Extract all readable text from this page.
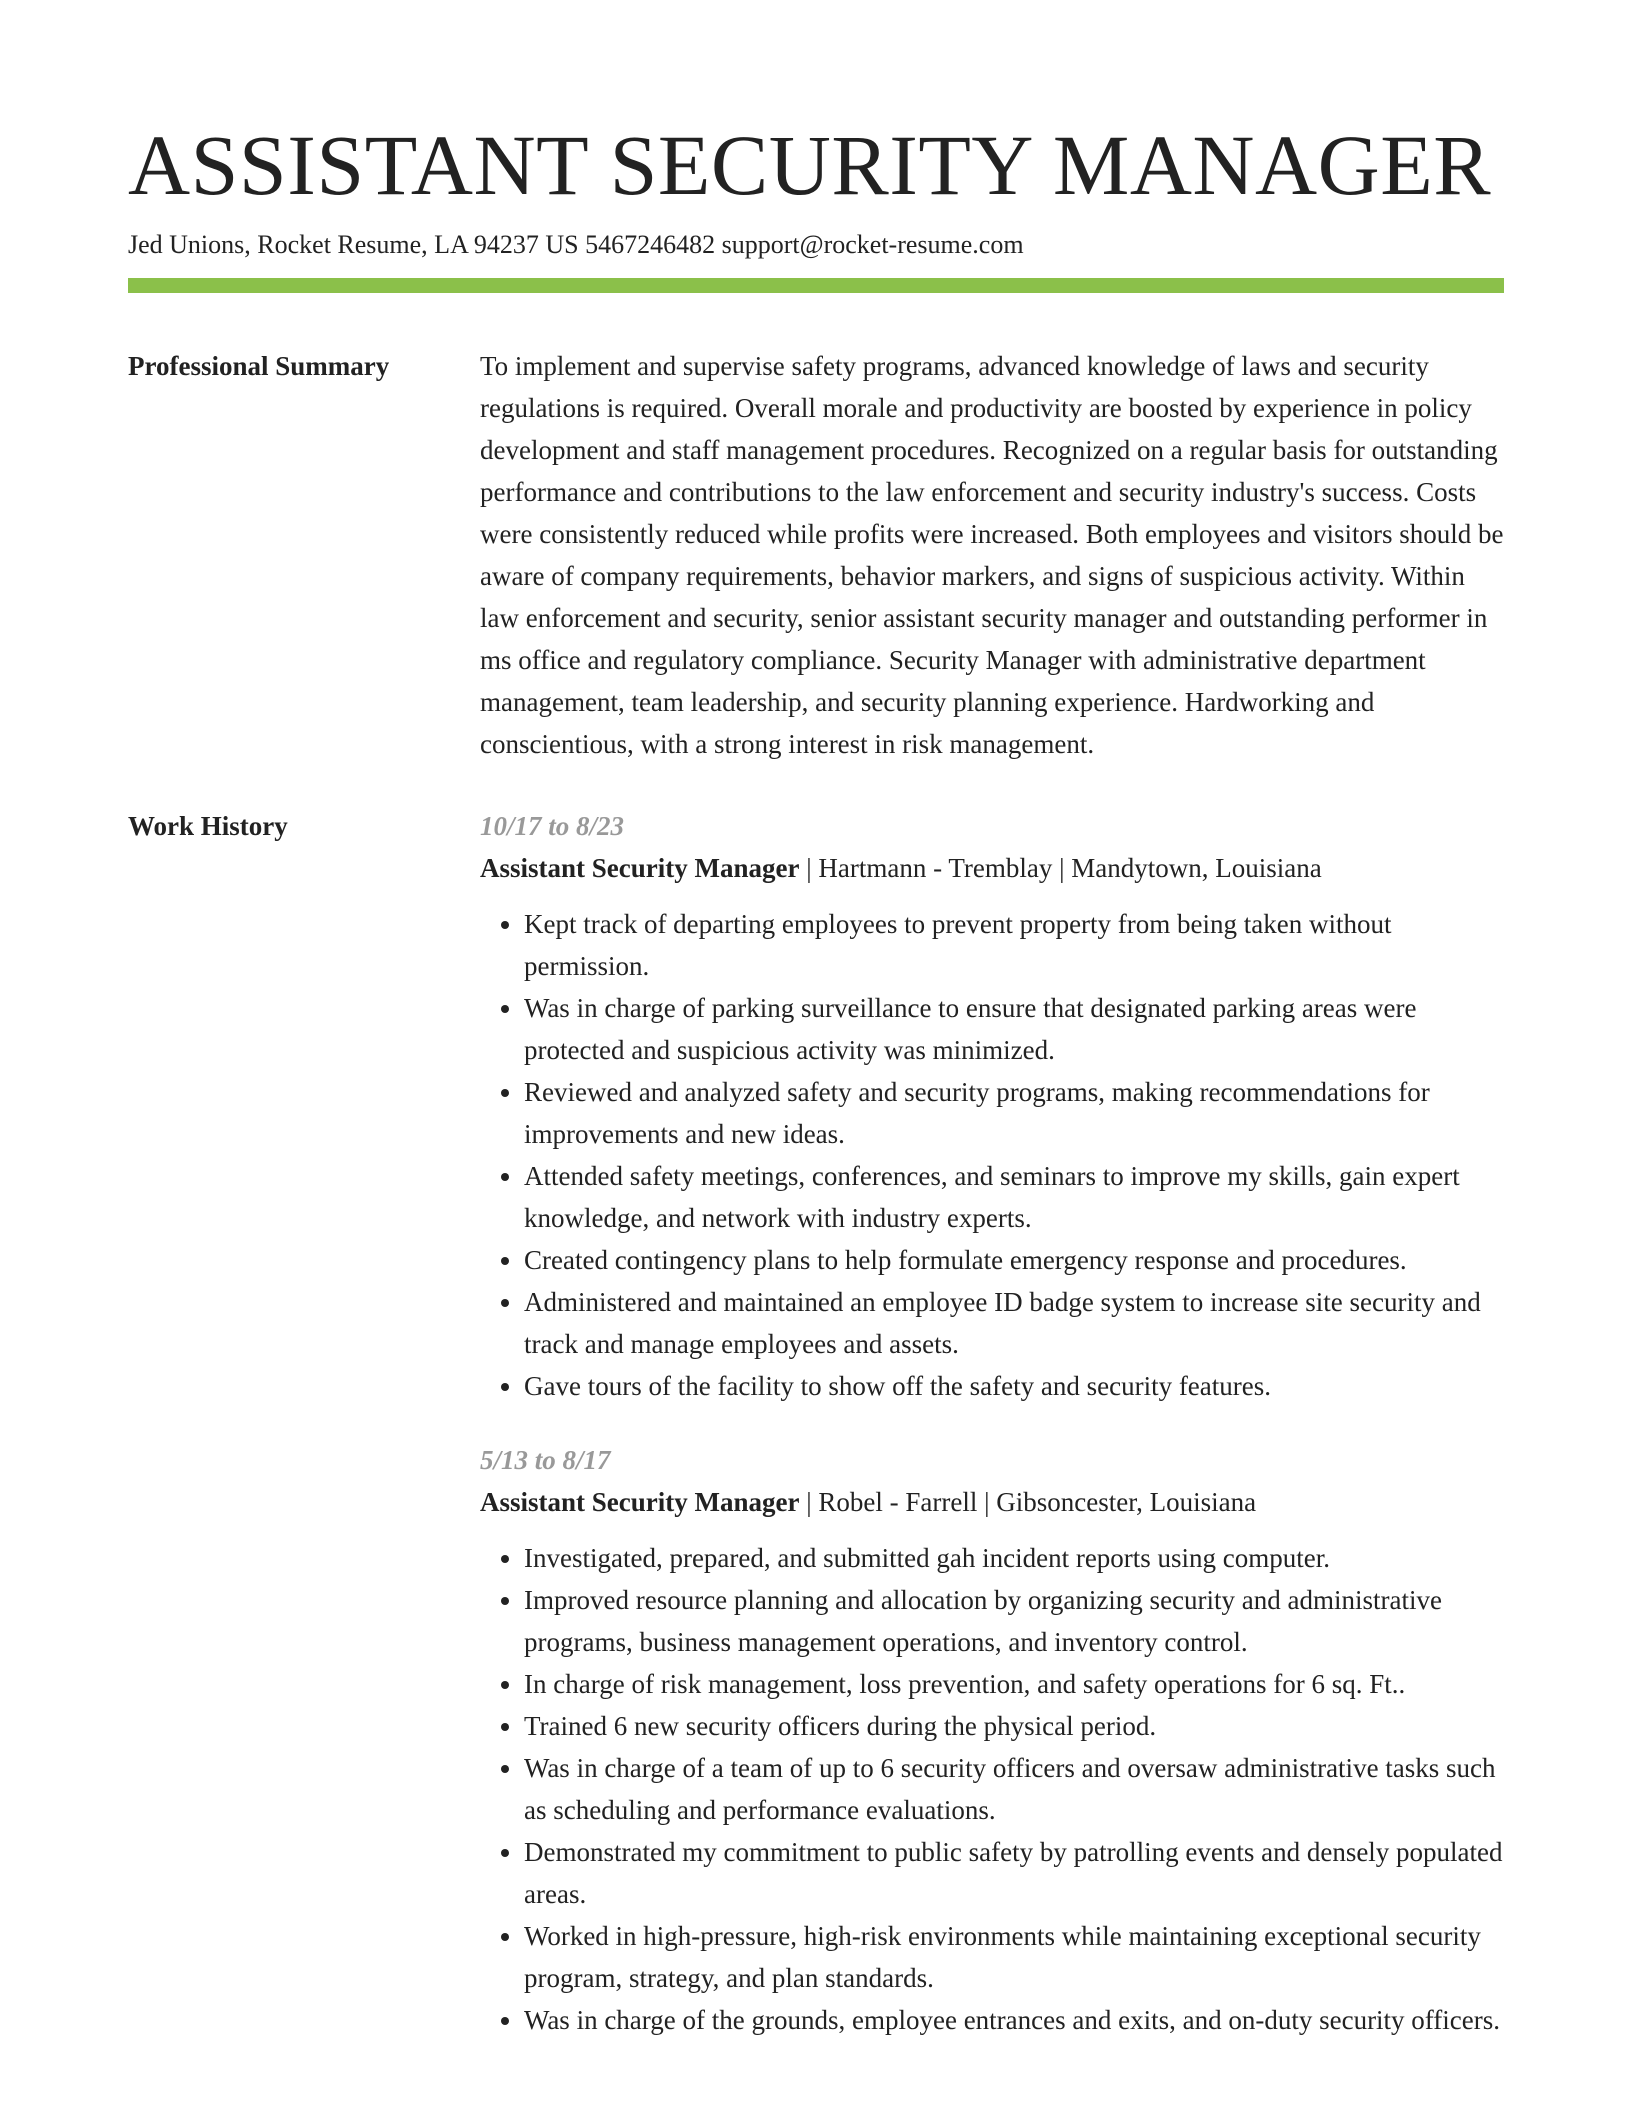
ASSISTANT SECURITY MANAGER
Jed Unions, Rocket Resume, LA 94237 US 5467246482 support@rocket-resume.com
Professional Summary	To implement and supervise safety programs, advanced knowledge of laws and security regulations is required. Overall morale and productivity are boosted by experience in policy development and staff management procedures. Recognized on a regular basis for outstanding performance and contributions to the law enforcement and security industry's success. Costs were consistently reduced while profits were increased. Both employees and visitors should be aware of company requirements, behavior markers, and signs of suspicious activity. Within law enforcement and security, senior assistant security manager and outstanding performer in ms office and regulatory compliance. Security Manager with administrative department management, team leadership, and security planning experience. Hardworking and conscientious, with a strong interest in risk management.

Work History	10/17 to 8/23
Assistant Security Manager | Hartmann - Tremblay | Mandytown, Louisiana
• Kept track of departing employees to prevent property from being taken without permission.
• Was in charge of parking surveillance to ensure that designated parking areas were protected and suspicious activity was minimized.
• Reviewed and analyzed safety and security programs, making recommendations for improvements and new ideas.
• Attended safety meetings, conferences, and seminars to improve my skills, gain expert knowledge, and network with industry experts.
• Created contingency plans to help formulate emergency response and procedures.
• Administered and maintained an employee ID badge system to increase site security and track and manage employees and assets.
• Gave tours of the facility to show off the safety and security features.
5/13 to 8/17
Assistant Security Manager | Robel - Farrell | Gibsoncester, Louisiana
• Investigated, prepared, and submitted gah incident reports using computer.
• Improved resource planning and allocation by organizing security and administrative programs, business management operations, and inventory control.
• In charge of risk management, loss prevention, and safety operations for 6 sq. Ft..
• Trained 6 new security officers during the physical period.
• Was in charge of a team of up to 6 security officers and oversaw administrative tasks such as scheduling and performance evaluations.
• Demonstrated my commitment to public safety by patrolling events and densely populated areas.
• Worked in high-pressure, high-risk environments while maintaining exceptional security program, strategy, and plan standards.
• Was in charge of the grounds, employee entrances and exits, and on-duty security officers.
